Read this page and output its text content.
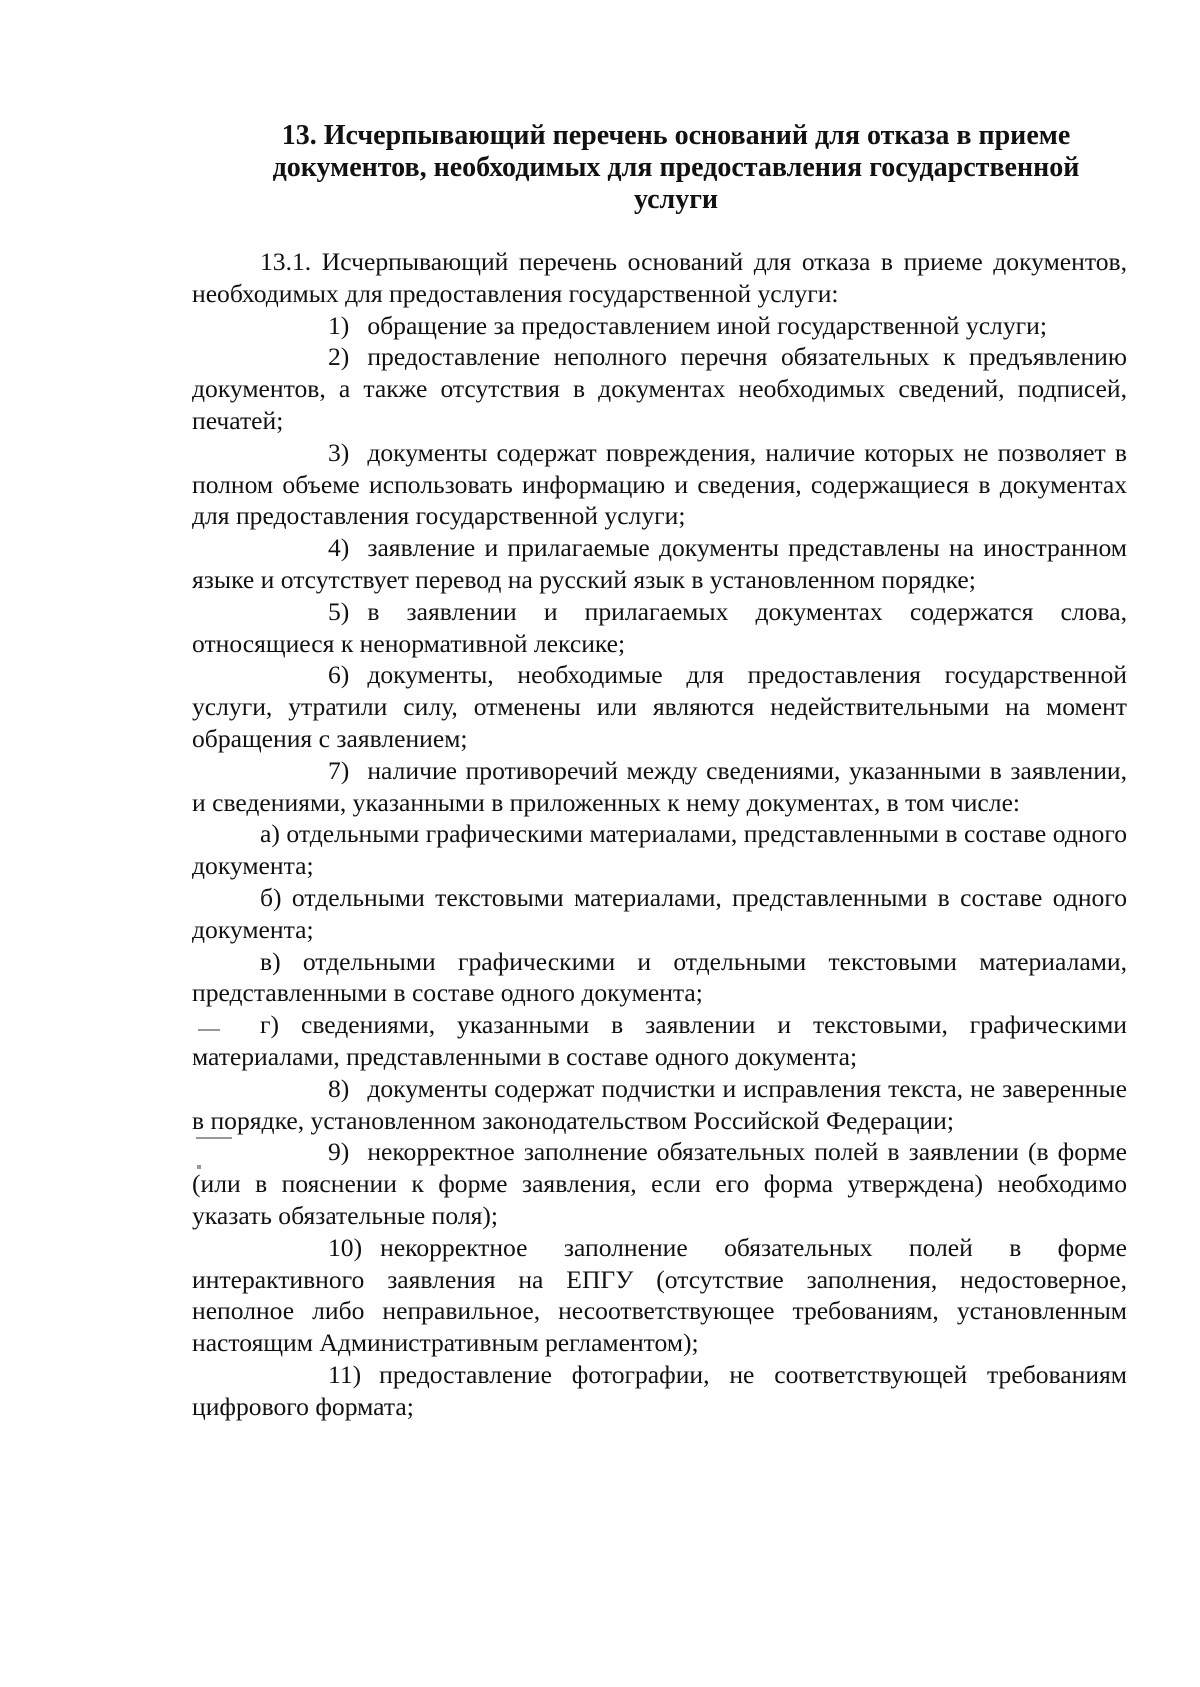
13. Исчерпывающий перечень оснований для отказа в приеме
документов, необходимых для предоставления государственной
услуги

13.1. Исчерпывающий перечень оснований для отказа в приеме документов, необходимых для предоставления государственной услуги:

1) обращение за предоставлением иной государственной услуги;

2) предоставление неполного перечня обязательных к предъявлению документов, а также отсутствия в документах необходимых сведений, подписей, печатей;

3) документы содержат повреждения, наличие которых не позволяет в полном объеме использовать информацию и сведения, содержащиеся в документах для предоставления государственной услуги;

4) заявление и прилагаемые документы представлены на иностранном языке и отсутствует перевод на русский язык в установленном порядке;

5) в заявлении и прилагаемых документах содержатся слова, относящиеся к ненормативной лексике;

6) документы, необходимые для предоставления государственной услуги, утратили силу, отменены или являются недействительными на момент обращения с заявлением;

7) наличие противоречий между сведениями, указанными в заявлении, и сведениями, указанными в приложенных к нему документах, в том числе:

а) отдельными графическими материалами, представленными в составе одного документа;

б) отдельными текстовыми материалами, представленными в составе одного документа;

в) отдельными графическими и отдельными текстовыми материалами, представленными в составе одного документа;

г) сведениями, указанными в заявлении и текстовыми, графическими материалами, представленными в составе одного документа;

8) документы содержат подчистки и исправления текста, не заверенные в порядке, установленном законодательством Российской Федерации;

9) некорректное заполнение обязательных полей в заявлении (в форме (или в пояснении к форме заявления, если его форма утверждена) необходимо указать обязательные поля);

10) некорректное заполнение обязательных полей в форме интерактивного заявления на ЕПГУ (отсутствие заполнения, недостоверное, неполное либо неправильное, несоответствующее требованиям, установленным настоящим Административным регламентом);

11) предоставление фотографии, не соответствующей требованиям цифрового формата;
